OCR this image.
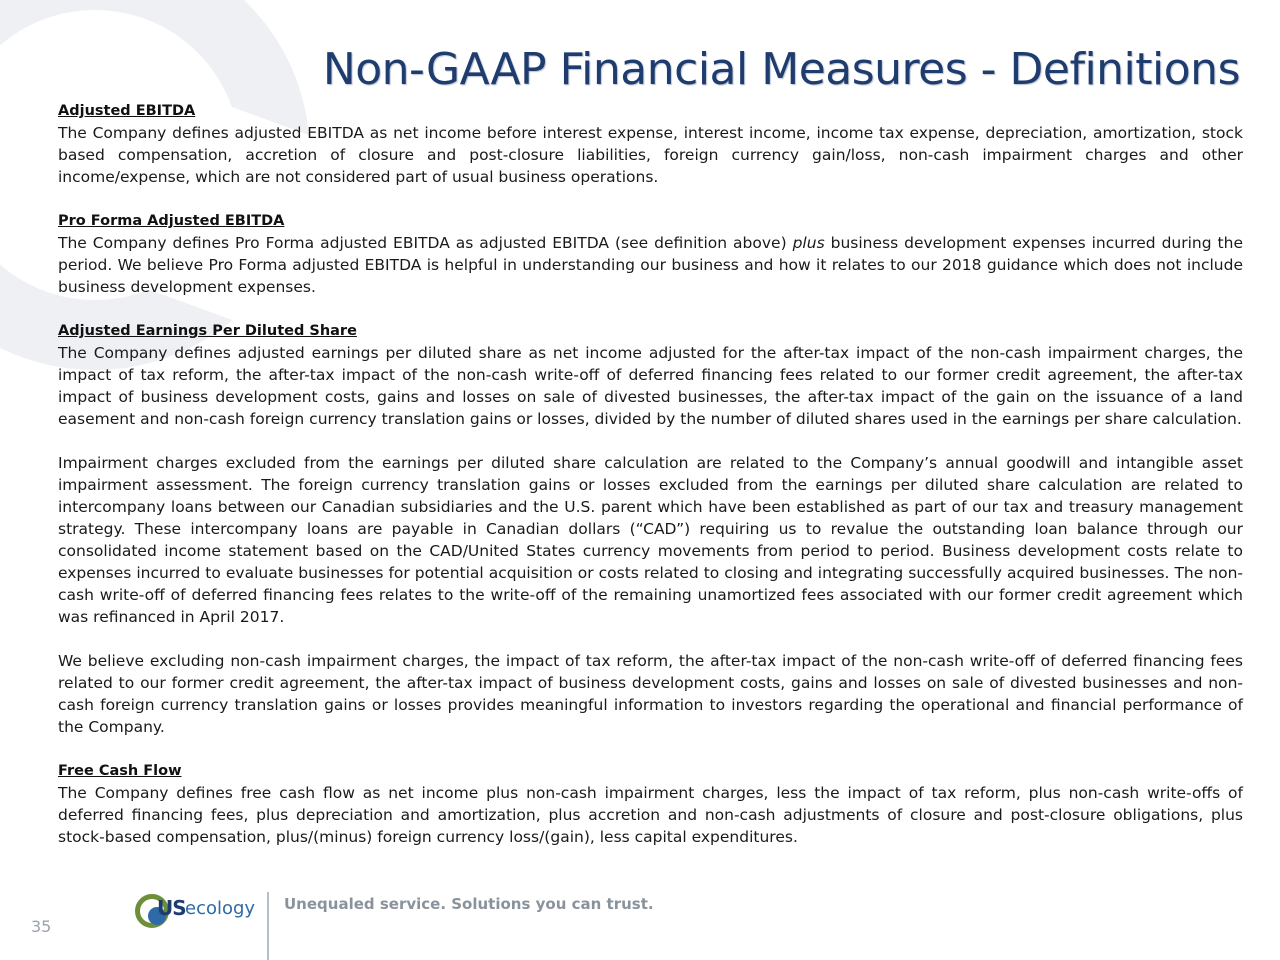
Non-GAAP Financial Measures - Definitions

Adjusted EBITDA

The Company defines adjusted EBITDA as net income before interest expense, interest income, income tax expense, depreciation, amortization, stock based compensation, accretion of closure and post-closure liabilities, foreign currency gain/loss, non-cash impairment charges and other income/expense, which are not considered part of usual business operations.

Pro Forma Adjusted EBITDA

The Company defines Pro Forma adjusted EBITDA as adjusted EBITDA (see definition above) plus business development expenses incurred during the period. We believe Pro Forma adjusted EBITDA is helpful in understanding our business and how it relates to our 2018 guidance which does not include business development expenses.

Adjusted Earnings Per Diluted Share

The Company defines adjusted earnings per diluted share as net income adjusted for the after-tax impact of the non-cash impairment charges, the impact of tax reform, the after-tax impact of the non-cash write-off of deferred financing fees related to our former credit agreement, the after-tax impact of business development costs, gains and losses on sale of divested businesses, the after-tax impact of the gain on the issuance of a land easement and non-cash foreign currency translation gains or losses, divided by the number of diluted shares used in the earnings per share calculation.

Impairment charges excluded from the earnings per diluted share calculation are related to the Company’s annual goodwill and intangible asset impairment assessment. The foreign currency translation gains or losses excluded from the earnings per diluted share calculation are related to intercompany loans between our Canadian subsidiaries and the U.S. parent which have been established as part of our tax and treasury management strategy. These intercompany loans are payable in Canadian dollars (“CAD”) requiring us to revalue the outstanding loan balance through our consolidated income statement based on the CAD/United States currency movements from period to period. Business development costs relate to expenses incurred to evaluate businesses for potential acquisition or costs related to closing and integrating successfully acquired businesses. The non-cash write-off of deferred financing fees relates to the write-off of the remaining unamortized fees associated with our former credit agreement which was refinanced in April 2017.

We believe excluding non-cash impairment charges, the impact of tax reform, the after-tax impact of the non-cash write-off of deferred financing fees related to our former credit agreement, the after-tax impact of business development costs, gains and losses on sale of divested businesses and non-cash foreign currency translation gains or losses provides meaningful information to investors regarding the operational and financial performance of the Company.

Free Cash Flow

The Company defines free cash flow as net income plus non-cash impairment charges, less the impact of tax reform, plus non-cash write-offs of deferred financing fees, plus depreciation and amortization, plus accretion and non-cash adjustments of closure and post-closure obligations, plus stock-based compensation, plus/(minus) foreign currency loss/(gain), less capital expenditures.

35
US ecology Unequaled service. Solutions you can trust.
